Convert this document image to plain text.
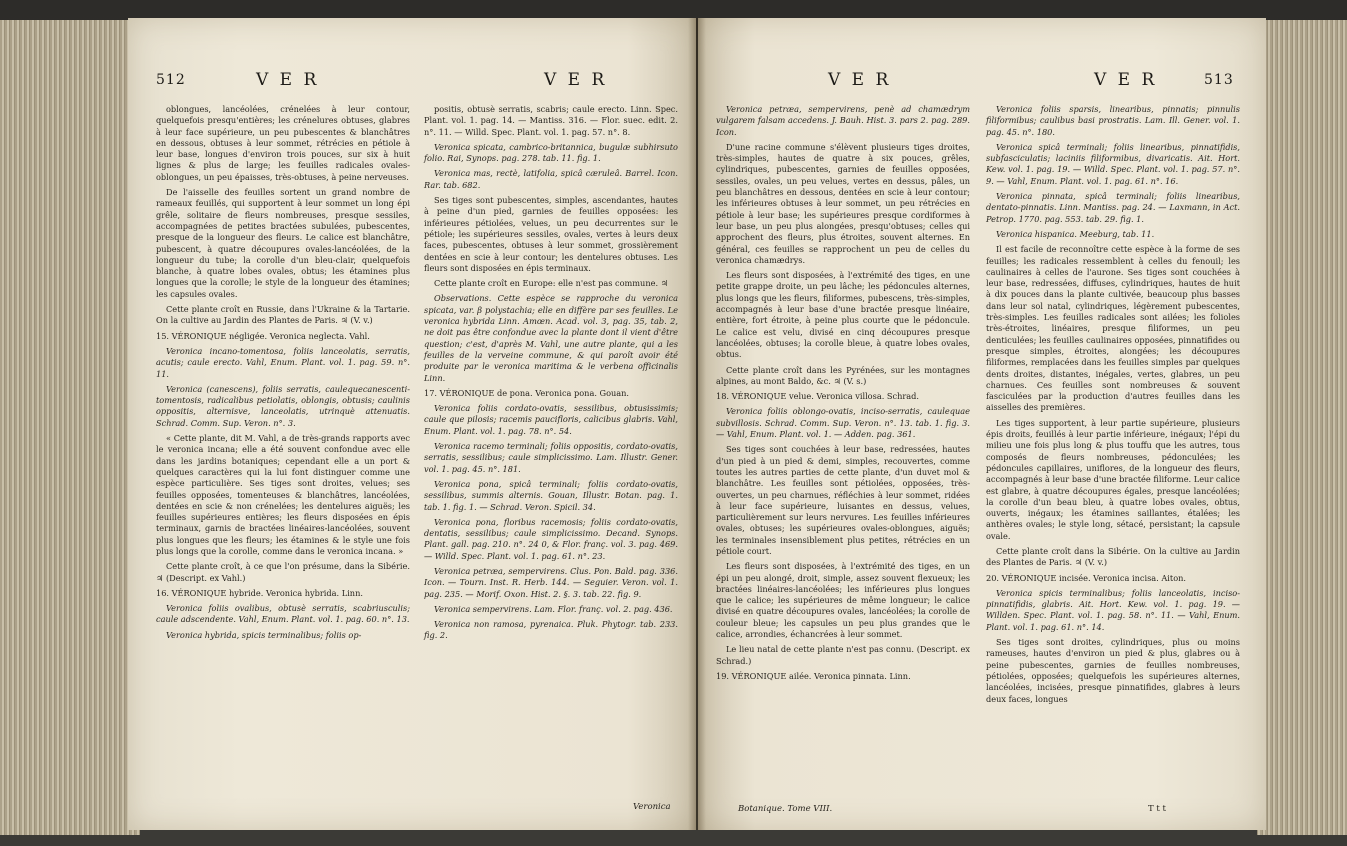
512	V E R	V E R

oblongues, lancéolées, crénelées à leur contour, quelquefois presqu'entières; les crénelures obtuses, glabres à leur face supérieure, un peu pubescentes & blanchâtres en dessous, obtuses à leur sommet, rétrécies en pétiole à leur base, longues d'environ trois pouces, sur six à huit lignes & plus de large; les feuilles radicales ovales-oblongues, un peu épaisses, très-obtuses, à peine nerveuses.

De l'aisselle des feuilles sortent un grand nombre de rameaux feuillés, qui supportent à leur sommet un long épi grêle, solitaire de fleurs nombreuses, presque sessiles, accompagnées de petites bractées subulées, pubescentes, presque de la longueur des fleurs. Le calice est blanchâtre, pubescent, à quatre découpures ovales-lancéolées, de la longueur du tube; la corolle d'un bleu-clair, quelquefois blanche, à quatre lobes ovales, obtus; les étamines plus longues que la corolle; le style de la longueur des étamines; les capsules ovales.

Cette plante croît en Russie, dans l'Ukraine & la Tartarie. On la cultive au Jardin des Plantes de Paris. ♃ (V. v.)

15. VÉRONIQUE négligée. Veronica neglecta. Vahl.

Veronica incano-tomentosa, foliis lanceolatis, serratis, acutis; caule erecto. Vahl, Enum. Plant. vol. 1. pag. 59. n°. 11.

Veronica (canescens), foliis serratis, caulequecanescenti-tomentosis, radicalibus petiolatis, oblongis, obtusis; caulinis oppositis, alternisve, lanceolatis, utrinquè attenuatis. Schrad. Comm. Sup. Veron. n°. 3.

« Cette plante, dit M. Vahl, a de très-grands rapports avec le veronica incana; elle a été souvent confondue avec elle dans les jardins botaniques; cependant elle a un port & quelques caractères qui la lui font distinguer comme une espèce particulière. Ses tiges sont droites, velues; ses feuilles opposées, tomenteuses & blanchâtres, lancéolées, dentées en scie & non crénelées; les dentelures aiguës; les feuilles supérieures entières; les fleurs disposées en épis terminaux, garnis de bractées linéaires-lancéolées, souvent plus longues que les fleurs; les étamines & le style une fois plus longs que la corolle, comme dans le veronica incana. »

Cette plante croît, à ce que l'on présume, dans la Sibérie. ♃ (Descript. ex Vahl.)

16. VÉRONIQUE hybride. Veronica hybrida. Linn.

Veronica foliis ovalibus, obtusè serratis, scabriusculis; caule adscendente. Vahl, Enum. Plant. vol. 1. pag. 60. n°. 13.

Veronica hybrida, spicis terminalibus; foliis op-

positis, obtusè serratis, scabris; caule erecto. Linn. Spec. Plant. vol. 1. pag. 14. — Mantiss. 316. — Flor. suec. edit. 2. n°. 11. — Willd. Spec. Plant. vol. 1. pag. 57. n°. 8.

Veronica spicata, cambrico-britannica, bugulæ subhirsuto folio. Rai, Synops. pag. 278. tab. 11. fig. 1.

Veronica mas, rectè, latifolia, spicâ cæruleâ. Barrel. Icon. Rar. tab. 682.

Ses tiges sont pubescentes, simples, ascendantes, hautes à peine d'un pied, garnies de feuilles opposées: les inférieures pétiolées, velues, un peu decurrentes sur le pétiole; les supérieures sessiles, ovales, vertes à leurs deux faces, pubescentes, obtuses à leur sommet, grossièrement dentées en scie à leur contour; les dentelures obtuses. Les fleurs sont disposées en épis terminaux.

Cette plante croît en Europe: elle n'est pas commune. ♃

Observations. Cette espèce se rapproche du veronica spicata, var. β polystachia; elle en diffère par ses feuilles. Le veronica hybrida Linn. Amœn. Acad. vol. 3, pag. 35, tab. 2, ne doit pas être confondue avec la plante dont il vient d'être question; c'est, d'après M. Vahl, une autre plante, qui a les feuilles de la verveine commune, & qui paroît avoir été produite par le veronica maritima & le verbena officinalis Linn.

17. VÉRONIQUE de pona. Veronica pona. Gouan.

Veronica foliis cordato-ovatis, sessilibus, obtusissimis; caule que pilosis; racemis paucifloris, calicibus glabris. Vahl, Enum. Plant. vol. 1. pag. 78. n°. 54.

Veronica racemo terminali; foliis oppositis, cordato-ovatis, serratis, sessilibus; caule simplicissimo. Lam. Illustr. Gener. vol. 1. pag. 45. n°. 181.

Veronica pona, spicâ terminali; foliis cordato-ovatis, sessilibus, summis alternis. Gouan, Illustr. Botan. pag. 1. tab. 1. fig. 1. — Schrad. Veron. Spicil. 34.

Veronica pona, floribus racemosis; foliis cordato-ovatis, dentatis, sessilibus; caule simplicissimo. Decand. Synops. Plant. gall. pag. 210. n°. 24 0, & Flor. franç. vol. 3. pag. 469. — Willd. Spec. Plant. vol. 1. pag. 61. n°. 23.

Veronica petræa, sempervirens. Clus. Pon. Bald. pag. 336. Icon. — Tourn. Inst. R. Herb. 144. — Seguier. Veron. vol. 1. pag. 235. — Morif. Oxon. Hist. 2. §. 3. tab. 22. fig. 9.

Veronica sempervirens. Lam. Flor. franç. vol. 2. pag. 436.

Veronica non ramosa, pyrenaica. Pluk. Phytogr. tab. 233. fig. 2.

Veronica
V E R	V E R	513

Veronica petræa, sempervirens, penè ad chamædrym vulgarem falsam accedens. J. Bauh. Hist. 3. pars 2. pag. 289. Icon.

D'une racine commune s'élèvent plusieurs tiges droites, très-simples, hautes de quatre à six pouces, grêles, cylindriques, pubescentes, garnies de feuilles opposées, sessiles, ovales, un peu velues, vertes en dessus, pâles, un peu blanchâtres en dessous, dentées en scie à leur contour; les inférieures obtuses à leur sommet, un peu rétrécies en pétiole à leur base; les supérieures presque cordiformes à leur base, un peu plus alongées, presqu'obtuses; celles qui approchent des fleurs, plus étroites, souvent alternes. En général, ces feuilles se rapprochent un peu de celles du veronica chamædrys.

Les fleurs sont disposées, à l'extrémité des tiges, en une petite grappe droite, un peu lâche; les pédoncules alternes, plus longs que les fleurs, filiformes, pubescens, très-simples, accompagnés à leur base d'une bractée presque linéaire, entière, fort étroite, à peine plus courte que le pédoncule. Le calice est velu, divisé en cinq découpures presque lancéolées, obtuses; la corolle bleue, à quatre lobes ovales, obtus.

Cette plante croît dans les Pyrénées, sur les montagnes alpines, au mont Baldo, &c. ♃ (V. s.)

18. VÉRONIQUE velue. Veronica villosa. Schrad.

Veronica foliis oblongo-ovatis, inciso-serratis, caulequae subvillosis. Schrad. Comm. Sup. Veron. n°. 13. tab. 1. fig. 3. — Vahl, Enum. Plant. vol. 1. — Adden. pag. 361.

Ses tiges sont couchées à leur base, redressées, hautes d'un pied à un pied & demi, simples, recouvertes, comme toutes les autres parties de cette plante, d'un duvet mol & blanchâtre. Les feuilles sont pétiolées, opposées, très-ouvertes, un peu charnues, réfléchies à leur sommet, ridées à leur face supérieure, luisantes en dessus, velues, particulièrement sur leurs nervures. Les feuilles inférieures ovales, obtuses; les supérieures ovales-oblongues, aiguës; les terminales insensiblement plus petites, rétrécies en un pétiole court.

Les fleurs sont disposées, à l'extrémité des tiges, en un épi un peu alongé, droit, simple, assez souvent flexueux; les bractées linéaires-lancéolées; les inférieures plus longues que le calice; les supérieures de même longueur; le calice divisé en quatre découpures ovales, lancéolées; la corolle de couleur bleue; les capsules un peu plus grandes que le calice, arrondies, échancrées à leur sommet.

Le lieu natal de cette plante n'est pas connu. (Descript. ex Schrad.)

19. VÉRONIQUE ailée. Veronica pinnata. Linn.

Botanique. Tome VIII.

Veronica foliis sparsis, linearibus, pinnatis; pinnulis filiformibus; caulibus basi prostratis. Lam. Ill. Gener. vol. 1. pag. 45. n°. 180.

Veronica spicâ terminali; foliis linearibus, pinnatifidis, subfasciculatis; laciniis filiformibus, divaricatis. Ait. Hort. Kew. vol. 1. pag. 19. — Willd. Spec. Plant. vol. 1. pag. 57. n°. 9. — Vahl, Enum. Plant. vol. 1. pag. 61. n°. 16.

Veronica pinnata, spicâ terminali; foliis linearibus, dentato-pinnatis. Linn. Mantiss. pag. 24. — Laxmann, in Act. Petrop. 1770. pag. 553. tab. 29. fig. 1.

Veronica hispanica. Meeburg, tab. 11.

Il est facile de reconnoître cette espèce à la forme de ses feuilles; les radicales ressemblent à celles du fenouil; les caulinaires à celles de l'aurone. Ses tiges sont couchées à leur base, redressées, diffuses, cylindriques, hautes de huit à dix pouces dans la plante cultivée, beaucoup plus basses dans leur sol natal, cylindriques, légèrement pubescentes, très-simples. Les feuilles radicales sont ailées; les folioles très-étroites, linéaires, presque filiformes, un peu denticulées; les feuilles caulinaires opposées, pinnatifides ou presque simples, étroites, alongées; les découpures filiformes, remplacées dans les feuilles simples par quelques dents droites, distantes, inégales, vertes, glabres, un peu charnues. Ces feuilles sont nombreuses & souvent fasciculées par la production d'autres feuilles dans les aisselles des premières.

Les tiges supportent, à leur partie supérieure, plusieurs épis droits, feuillés à leur partie inférieure, inégaux; l'épi du milieu une fois plus long & plus touffu que les autres, tous composés de fleurs nombreuses, pédonculées; les pédoncules capillaires, uniflores, de la longueur des fleurs, accompagnés à leur base d'une bractée filiforme. Leur calice est glabre, à quatre découpures égales, presque lancéolées; la corolle d'un beau bleu, à quatre lobes ovales, obtus, ouverts, inégaux; les étamines saillantes, étalées; les anthères ovales; le style long, sétacé, persistant; la capsule ovale.

Cette plante croît dans la Sibérie. On la cultive au Jardin des Plantes de Paris. ♃ (V. v.)

20. VÉRONIQUE incisée. Veronica incisa. Aiton.

Veronica spicis terminalibus; foliis lanceolatis, inciso-pinnatifidis, glabris. Ait. Hort. Kew. vol. 1. pag. 19. — Willden. Spec. Plant. vol. 1. pag. 58. n°. 11. — Vahl, Enum. Plant. vol. 1. pag. 61. n°. 14.

Ses tiges sont droites, cylindriques, plus ou moins rameuses, hautes d'environ un pied & plus, glabres ou à peine pubescentes, garnies de feuilles nombreuses, pétiolées, opposées; quelquefois les supérieures alternes, lancéolées, incisées, presque pinnatifides, glabres à leurs deux faces, longues

T t t
